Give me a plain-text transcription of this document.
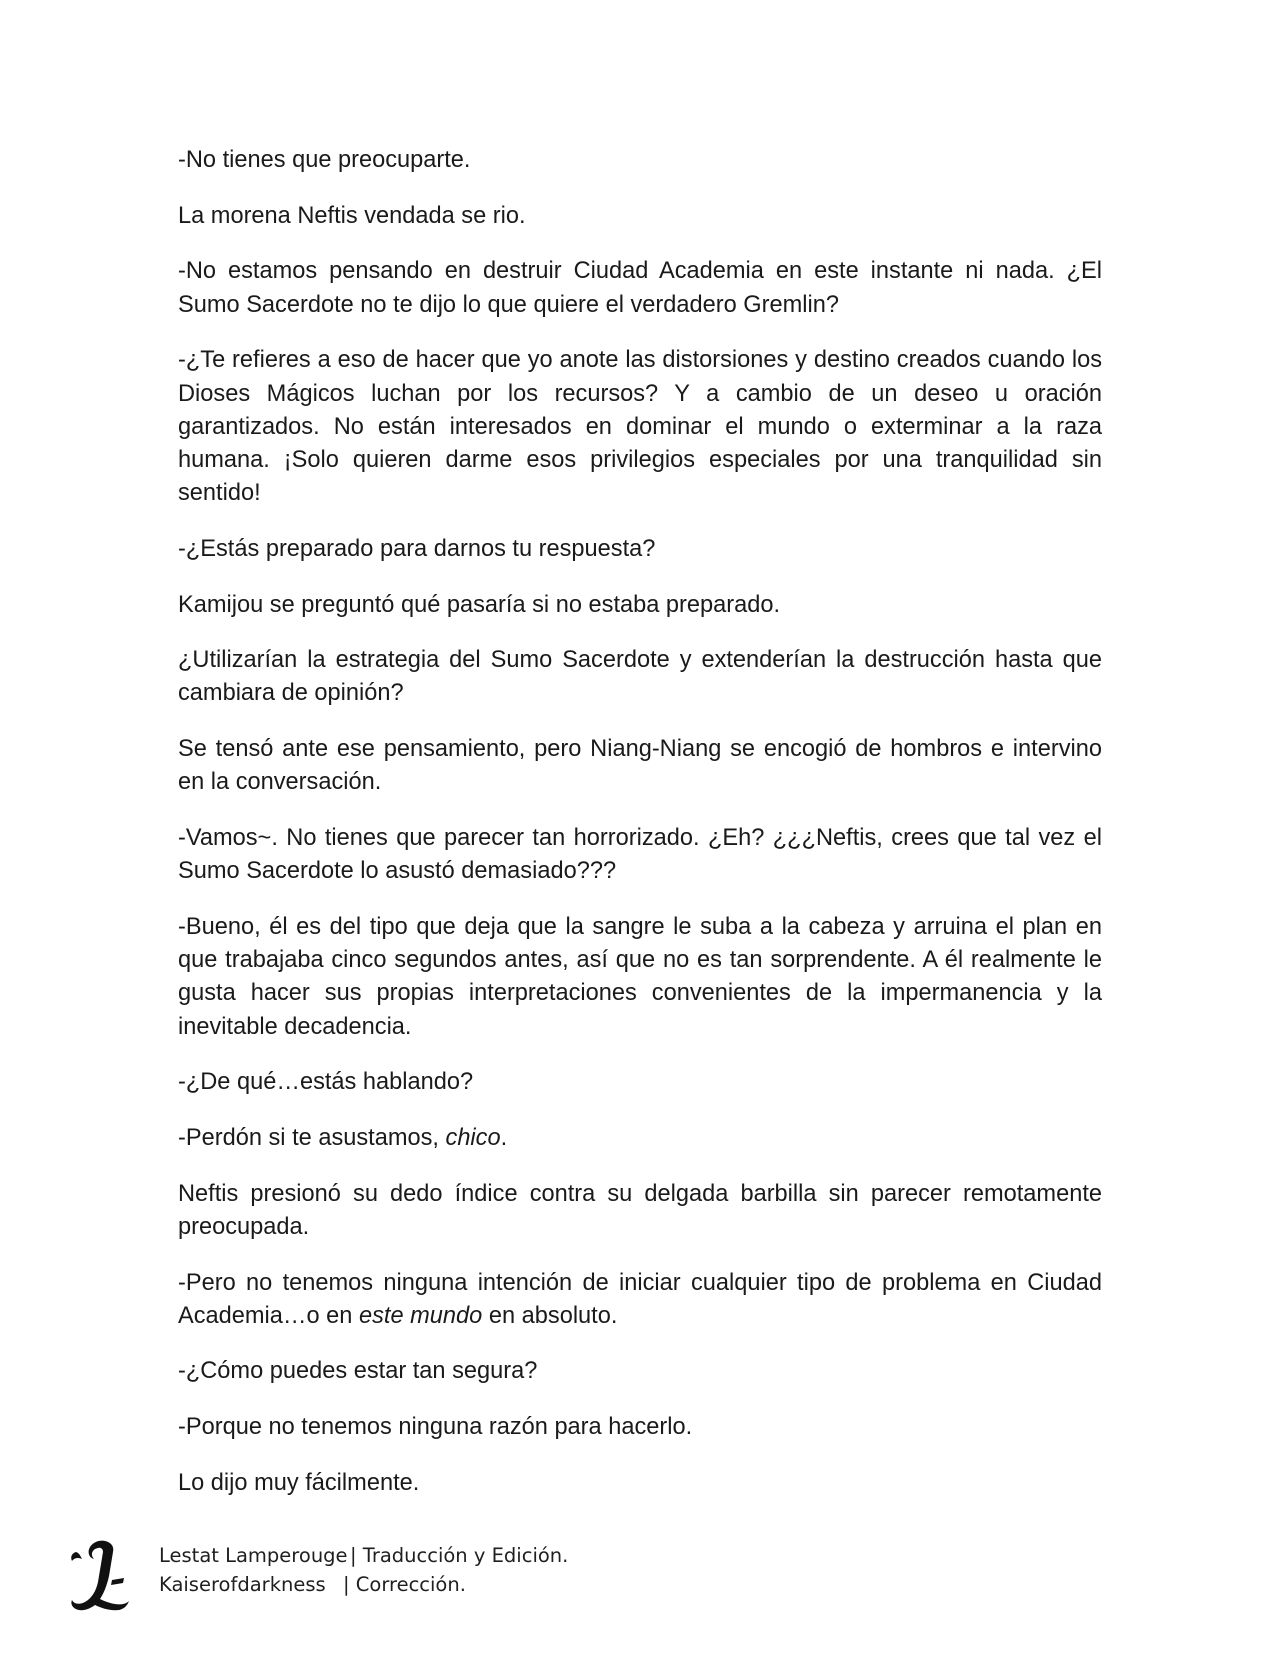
-No tienes que preocuparte.

La morena Neftis vendada se rio.

-No estamos pensando en destruir Ciudad Academia en este instante ni nada. ¿El Sumo Sacerdote no te dijo lo que quiere el verdadero Gremlin?

-¿Te refieres a eso de hacer que yo anote las distorsiones y destino creados cuando los Dioses Mágicos luchan por los recursos? Y a cambio de un deseo u oración garantizados. No están interesados en dominar el mundo o exterminar a la raza humana. ¡Solo quieren darme esos privilegios especiales por una tranquilidad sin sentido!

-¿Estás preparado para darnos tu respuesta?

Kamijou se preguntó qué pasaría si no estaba preparado.

¿Utilizarían la estrategia del Sumo Sacerdote y extenderían la destrucción hasta que cambiara de opinión?

Se tensó ante ese pensamiento, pero Niang-Niang se encogió de hombros e intervino en la conversación.

-Vamos~. No tienes que parecer tan horrorizado. ¿Eh? ¿¿¿Neftis, crees que tal vez el Sumo Sacerdote lo asustó demasiado???

-Bueno, él es del tipo que deja que la sangre le suba a la cabeza y arruina el plan en que trabajaba cinco segundos antes, así que no es tan sorprendente. A él realmente le gusta hacer sus propias interpretaciones convenientes de la impermanencia y la inevitable decadencia.

-¿De qué…estás hablando?

-Perdón si te asustamos, chico.

Neftis presionó su dedo índice contra su delgada barbilla sin parecer remotamente preocupada.

-Pero no tenemos ninguna intención de iniciar cualquier tipo de problema en Ciudad Academia…o en este mundo en absoluto.

-¿Cómo puedes estar tan segura?

-Porque no tenemos ninguna razón para hacerlo.

Lo dijo muy fácilmente.

Lestat Lamperouge | Traducción y Edición.
Kaiserofdarkness | Corrección.
